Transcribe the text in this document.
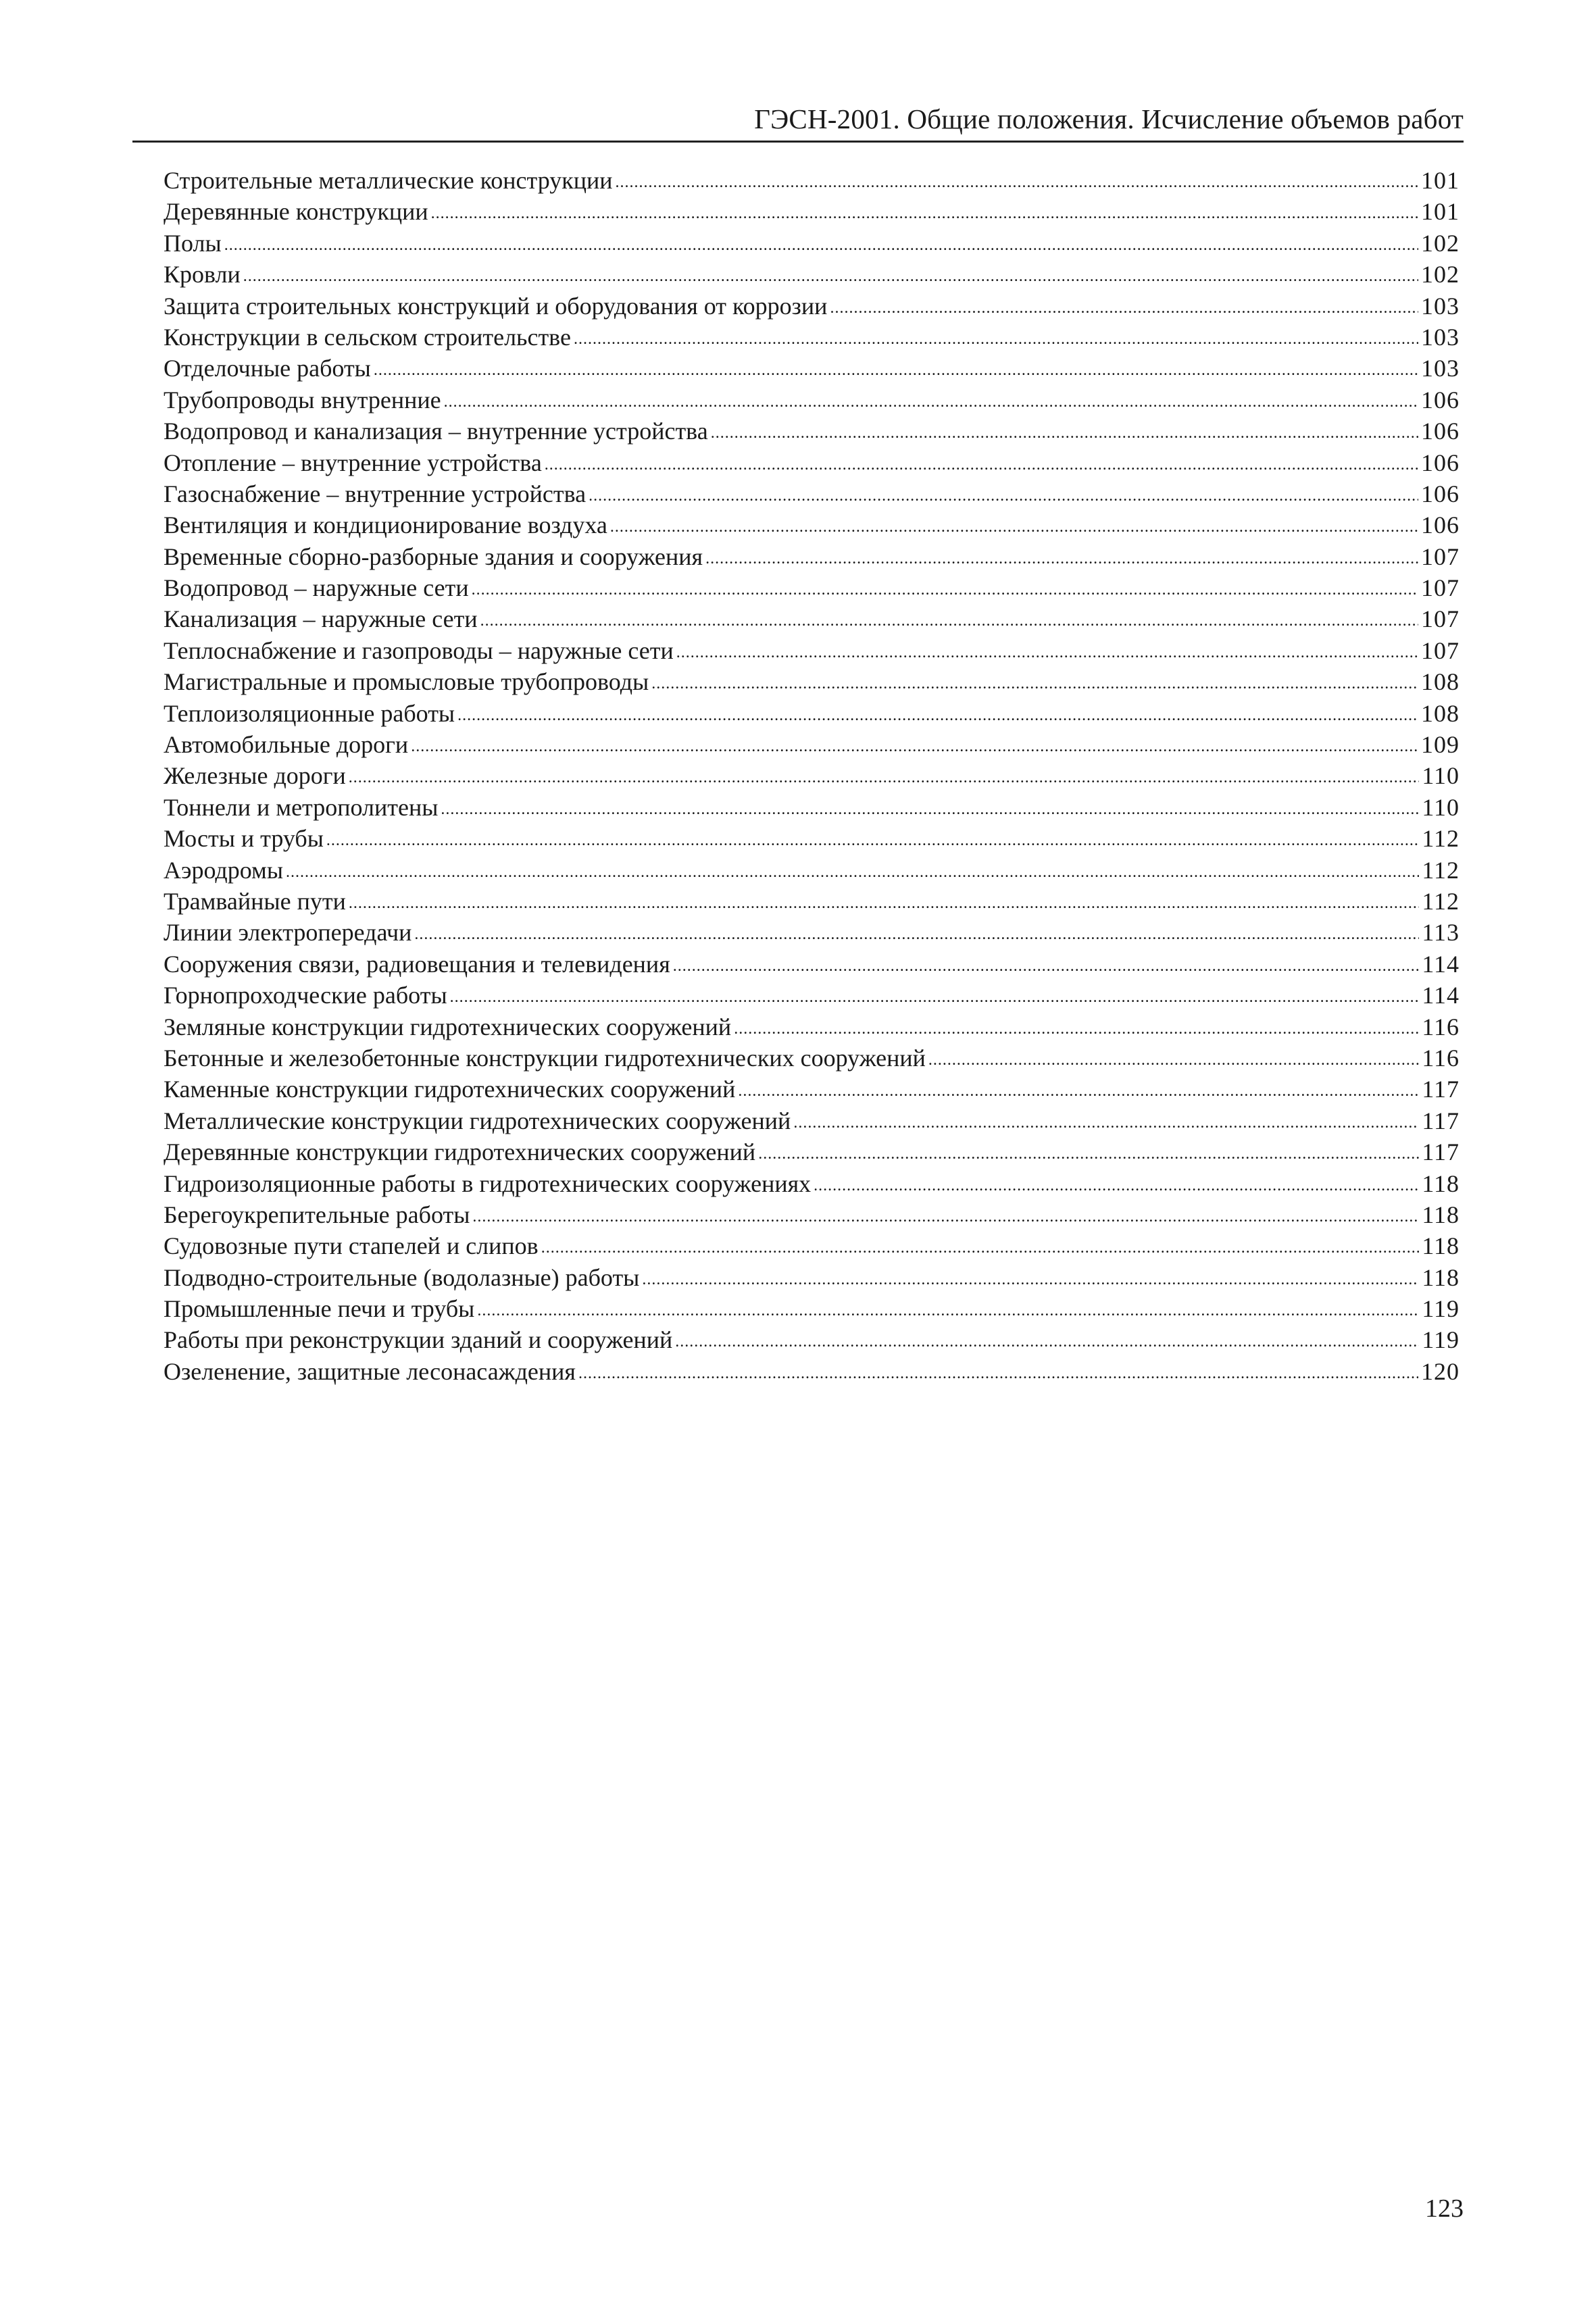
ГЭСН-2001. Общие положения. Исчисление объемов работ
Строительные металлические конструкции .....	101
Деревянные конструкции .....	101
Полы .....	102
Кровли .....	102
Защита строительных конструкций и оборудования от коррозии .....	103
Конструкции в сельском строительстве .....	103
Отделочные работы .....	103
Трубопроводы внутренние .....	106
Водопровод и канализация – внутренние устройства .....	106
Отопление – внутренние устройства .....	106
Газоснабжение – внутренние устройства .....	106
Вентиляция и кондиционирование воздуха .....	106
Временные сборно-разборные здания и сооружения .....	107
Водопровод – наружные сети .....	107
Канализация – наружные сети .....	107
Теплоснабжение и газопроводы – наружные сети .....	107
Магистральные и промысловые трубопроводы .....	108
Теплоизоляционные работы .....	108
Автомобильные дороги .....	109
Железные дороги .....	110
Тоннели и метрополитены .....	110
Мосты и трубы .....	112
Аэродромы .....	112
Трамвайные пути .....	112
Линии электропередачи .....	113
Сооружения связи, радиовещания и телевидения .....	114
Горнопроходческие работы .....	114
Земляные конструкции гидротехнических сооружений .....	116
Бетонные и железобетонные конструкции гидротехнических сооружений .....	116
Каменные конструкции гидротехнических сооружений .....	117
Металлические конструкции гидротехнических сооружений .....	117
Деревянные конструкции гидротехнических сооружений .....	117
Гидроизоляционные работы в гидротехнических сооружениях .....	118
Берегоукрепительные работы .....	118
Судовозные пути стапелей и слипов .....	118
Подводно-строительные (водолазные) работы .....	118
Промышленные печи и трубы .....	119
Работы при реконструкции зданий и сооружений .....	119
Озеленение, защитные лесонасаждения .....	120
123
